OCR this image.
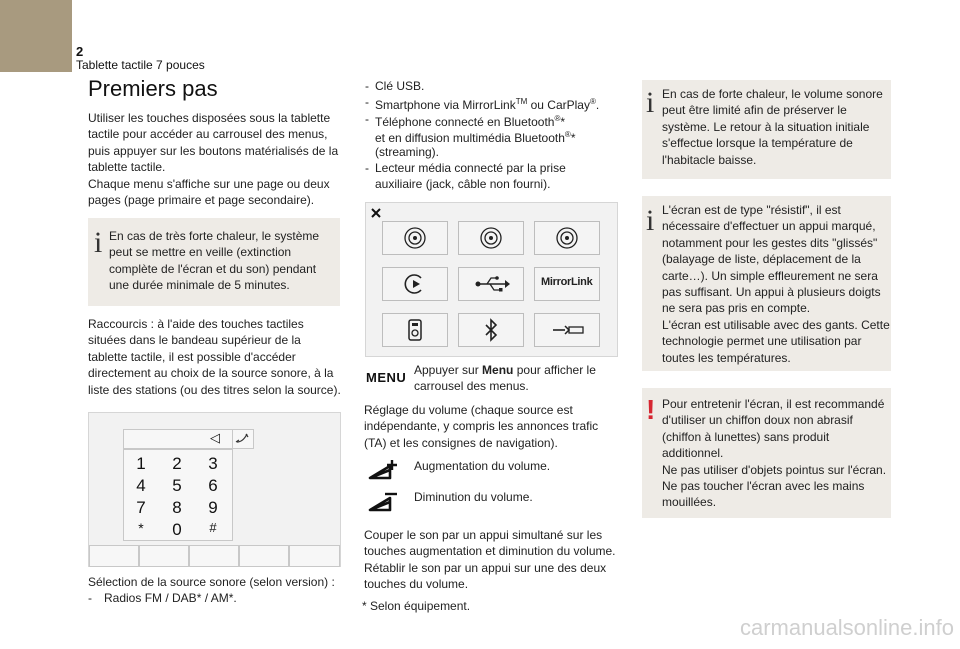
2
Tablette tactile 7 pouces
Premiers pas
Utiliser les touches disposées sous la tablette
tactile pour accéder au carrousel des menus,
puis appuyer sur les boutons matérialisés de la
tablette tactile.
Chaque menu s'affiche sur une page ou deux
pages (page primaire et page secondaire).
i En cas de très forte chaleur, le système
peut se mettre en veille (extinction
complète de l'écran et du son) pendant
une durée minimale de 5 minutes.
Raccourcis : à l'aide des touches tactiles
situées dans le bandeau supérieur de la
tablette tactile, il est possible d'accéder
directement au choix de la source sonore, à la
liste des stations (ou des titres selon la source).
◁
1	2	3
4	5	6
7	8	9
*	0	#
Sélection de la source sonore (selon version) :
- Radios FM / DAB* / AM*.
- Clé USB.
- Smartphone via MirrorLink™ ou CarPlay®.
- Téléphone connecté en Bluetooth®*
et en diffusion multimédia Bluetooth®*
(streaming).
- Lecteur média connecté par la prise
auxiliaire (jack, câble non fourni).
MirrorLink
MENU Appuyer sur Menu pour afficher le
carrousel des menus.
Réglage du volume (chaque source est
indépendante, y compris les annonces trafic
(TA) et les consignes de navigation).
Augmentation du volume.
Diminution du volume.
Couper le son par un appui simultané sur les
touches augmentation et diminution du volume.
Rétablir le son par un appui sur une des deux
touches du volume.
* Selon équipement.
i En cas de forte chaleur, le volume sonore
peut être limité afin de préserver le
système. Le retour à la situation initiale
s'effectue lorsque la température de
l'habitacle baisse.
i L'écran est de type "résistif", il est
nécessaire d'effectuer un appui marqué,
notamment pour les gestes dits "glissés"
(balayage de liste, déplacement de la
carte…). Un simple effleurement ne sera
pas suffisant. Un appui à plusieurs doigts
ne sera pas pris en compte.
L'écran est utilisable avec des gants. Cette
technologie permet une utilisation par
toutes les températures.
! Pour entretenir l'écran, il est recommandé
d'utiliser un chiffon doux non abrasif
(chiffon à lunettes) sans produit
additionnel.
Ne pas utiliser d'objets pointus sur l'écran.
Ne pas toucher l'écran avec les mains
mouillées.
carmanualsonline.info
